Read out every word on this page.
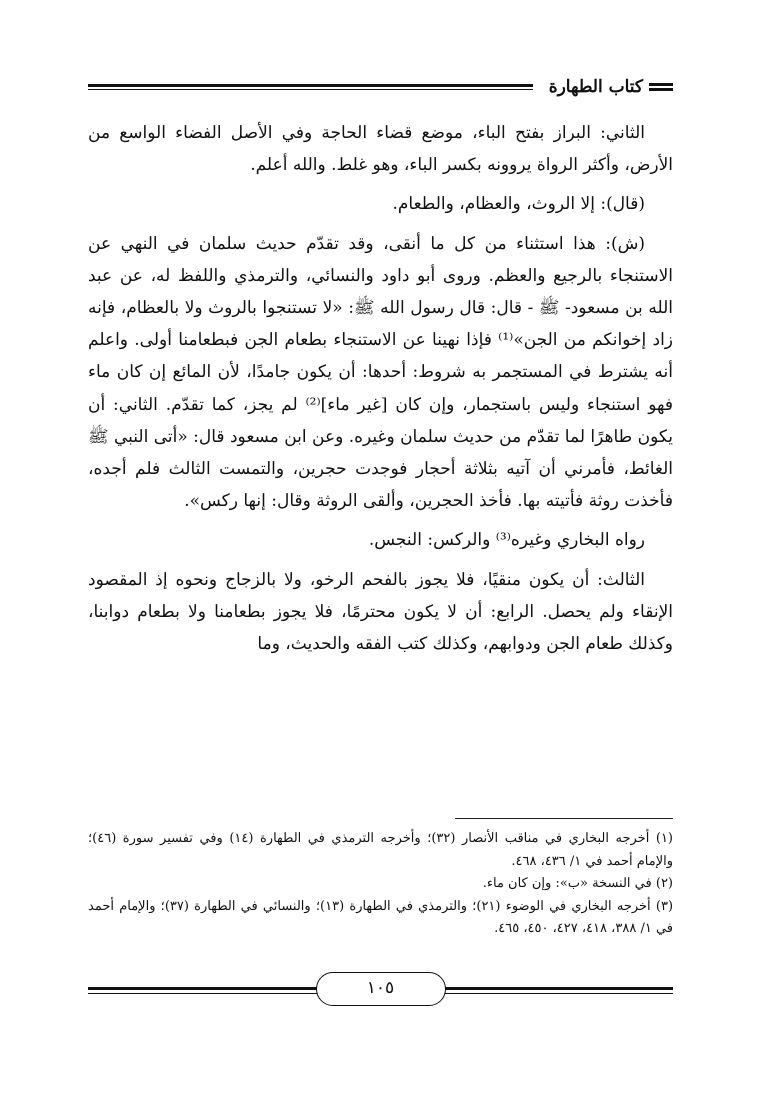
كتاب الطهارة

الثاني: البراز بفتح الباء، موضع قضاء الحاجة وفي الأصل الفضاء الواسع من الأرض، وأكثر الرواة يروونه بكسر الباء، وهو غلط. والله أعلم.

(قال): إلا الروث، والعظام، والطعام.

(ش): هذا استثناء من كل ما أنقى، وقد تقدّم حديث سلمان في النهي عن الاستنجاء بالرجيع والعظم. وروى أبو داود والنسائي، والترمذي واللفظ له، عن عبد الله بن مسعود- ﷺ - قال: قال رسول الله ﷺ: «لا تستنجوا بالروث ولا بالعظام، فإنه زاد إخوانكم من الجن»⁽¹⁾ فإذا نهينا عن الاستنجاء بطعام الجن فبطعامنا أولى. واعلم أنه يشترط في المستجمر به شروط: أحدها: أن يكون جامدًا، لأن المائع إن كان ماء فهو استنجاء وليس باستجمار، وإن كان [غير ماء]⁽²⁾ لم يجز، كما تقدّم. الثاني: أن يكون طاهرًا لما تقدّم من حديث سلمان وغيره. وعن ابن مسعود قال: «أتى النبي ﷺ الغائط، فأمرني أن آتيه بثلاثة أحجار فوجدت حجرين، والتمست الثالث فلم أجده، فأخذت روثة فأتيته بها. فأخذ الحجرين، وألقى الروثة وقال: إنها ركس».

رواه البخاري وغيره⁽³⁾ والركس: النجس.

الثالث: أن يكون منقيًا، فلا يجوز بالفحم الرخو، ولا بالزجاج ونحوه إذ المقصود الإنقاء ولم يحصل. الرابع: أن لا يكون محترمًا، فلا يجوز بطعامنا ولا بطعام دوابنا، وكذلك طعام الجن ودوابهم، وكذلك كتب الفقه والحديث، وما

(١) أخرجه البخاري في مناقب الأنصار (٣٢)؛ وأخرجه الترمذي في الطهارة (١٤) وفي تفسير سورة (٤٦)؛ والإمام أحمد في ١/ ٤٣٦، ٤٦٨.

(٢) في النسخة «ب»: وإن كان ماء.

(٣) أخرجه البخاري في الوضوء (٢١)؛ والترمذي في الطهارة (١٣)؛ والنسائي في الطهارة (٣٧)؛ والإمام أحمد في ١/ ٣٨٨، ٤١٨، ٤٢٧، ٤٥٠، ٤٦٥.

١٠٥
